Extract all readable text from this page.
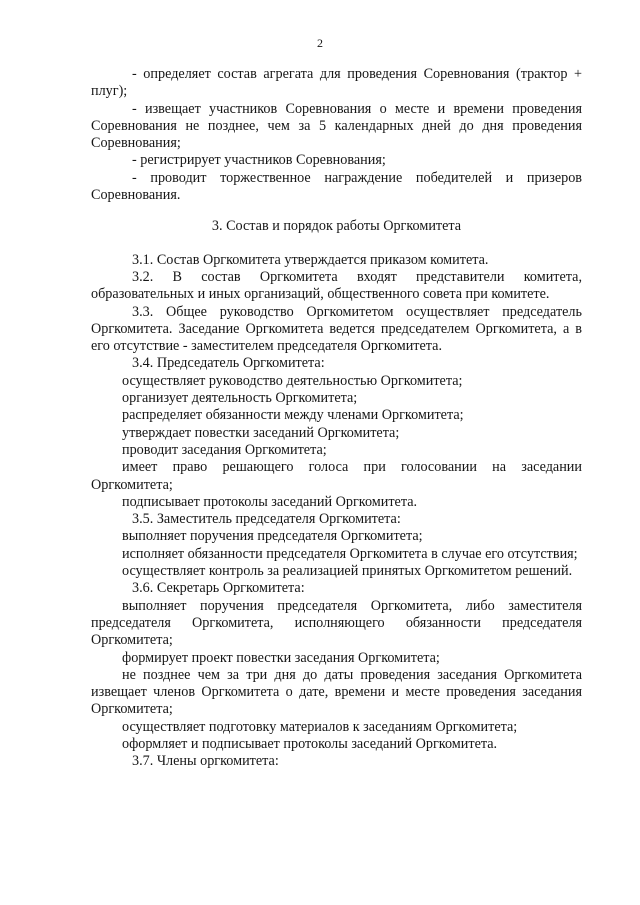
2

- определяет состав агрегата для проведения Соревнования (трактор + плуг);

- извещает участников Соревнования о месте и времени проведения Соревнования не позднее, чем за 5 календарных дней до дня проведения Соревнования;

- регистрирует участников Соревнования;

- проводит торжественное награждение победителей и призеров Соревнования.

3. Состав и порядок работы Оргкомитета

3.1. Состав Оргкомитета утверждается приказом комитета.

3.2. В состав Оргкомитета входят представители комитета, образовательных и иных организаций, общественного совета при комитете.

3.3. Общее руководство Оргкомитетом осуществляет председатель Оргкомитета. Заседание Оргкомитета ведется председателем Оргкомитета, а в его отсутствие - заместителем председателя Оргкомитета.

3.4. Председатель Оргкомитета:

осуществляет руководство деятельностью Оргкомитета;

организует деятельность Оргкомитета;

распределяет обязанности между членами Оргкомитета;

утверждает повестки заседаний Оргкомитета;

проводит заседания Оргкомитета;

имеет право решающего голоса при голосовании на заседании Оргкомитета;

подписывает протоколы заседаний Оргкомитета.

3.5. Заместитель председателя Оргкомитета:

выполняет поручения председателя Оргкомитета;

исполняет обязанности председателя Оргкомитета в случае его отсутствия;

осуществляет контроль за реализацией принятых Оргкомитетом решений.

3.6. Секретарь Оргкомитета:

выполняет поручения председателя Оргкомитета, либо заместителя председателя Оргкомитета, исполняющего обязанности председателя Оргкомитета;

формирует проект повестки заседания Оргкомитета;

не позднее чем за три дня до даты проведения заседания Оргкомитета извещает членов Оргкомитета о дате, времени и месте проведения заседания Оргкомитета;

осуществляет подготовку материалов к заседаниям Оргкомитета;

оформляет и подписывает протоколы заседаний Оргкомитета.

3.7. Члены оргкомитета:
